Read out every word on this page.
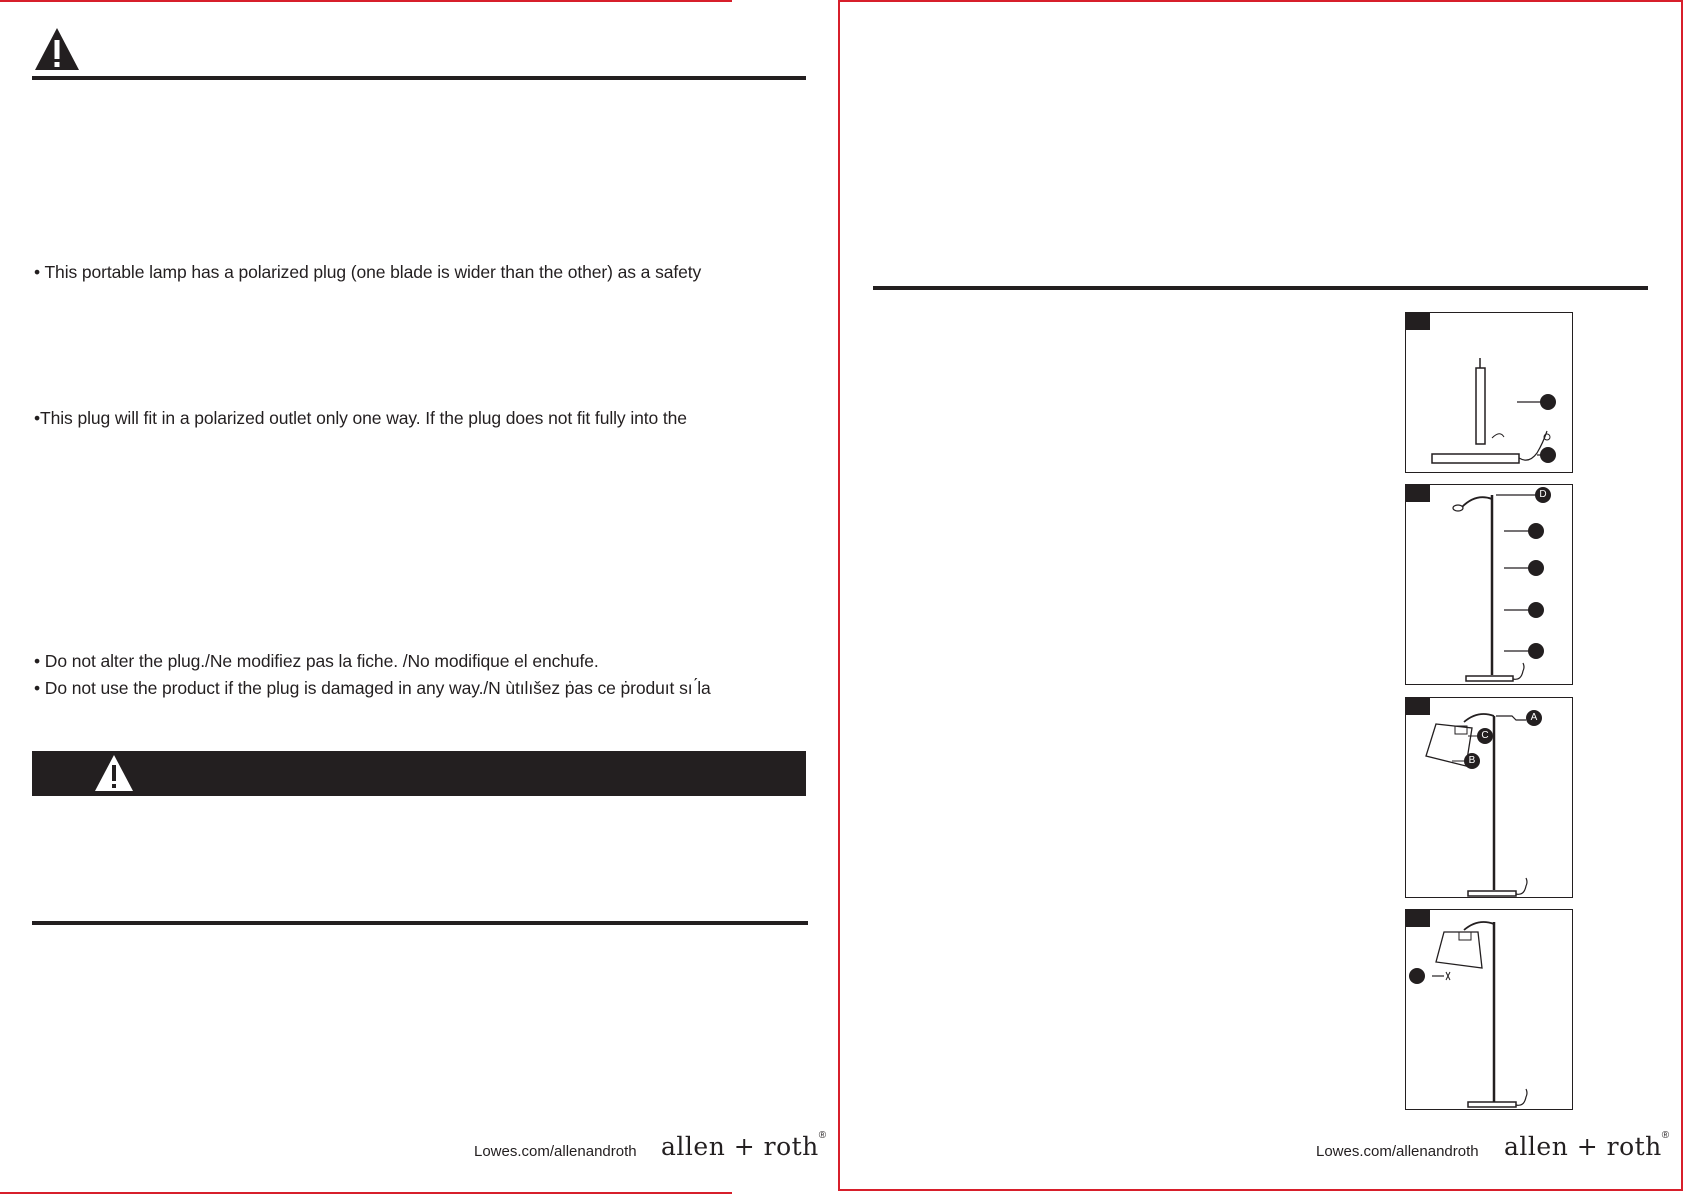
• This portable lamp has a polarized plug (one blade is wider than the other) as a safety
•This plug will fit in a polarized outlet only one way. If the plug does not fit fully into the
• Do not alter the plug./Ne modifiez pas la fiche. /No modifique el enchufe.
• Do not use the product if the plug is damaged in any way./N ùtılıšez ṗas ce ṗroduıt sı ́la
Lowes.com/allenandroth allen + roth®
D
A
C
B
Lowes.com/allenandroth allen + roth®
